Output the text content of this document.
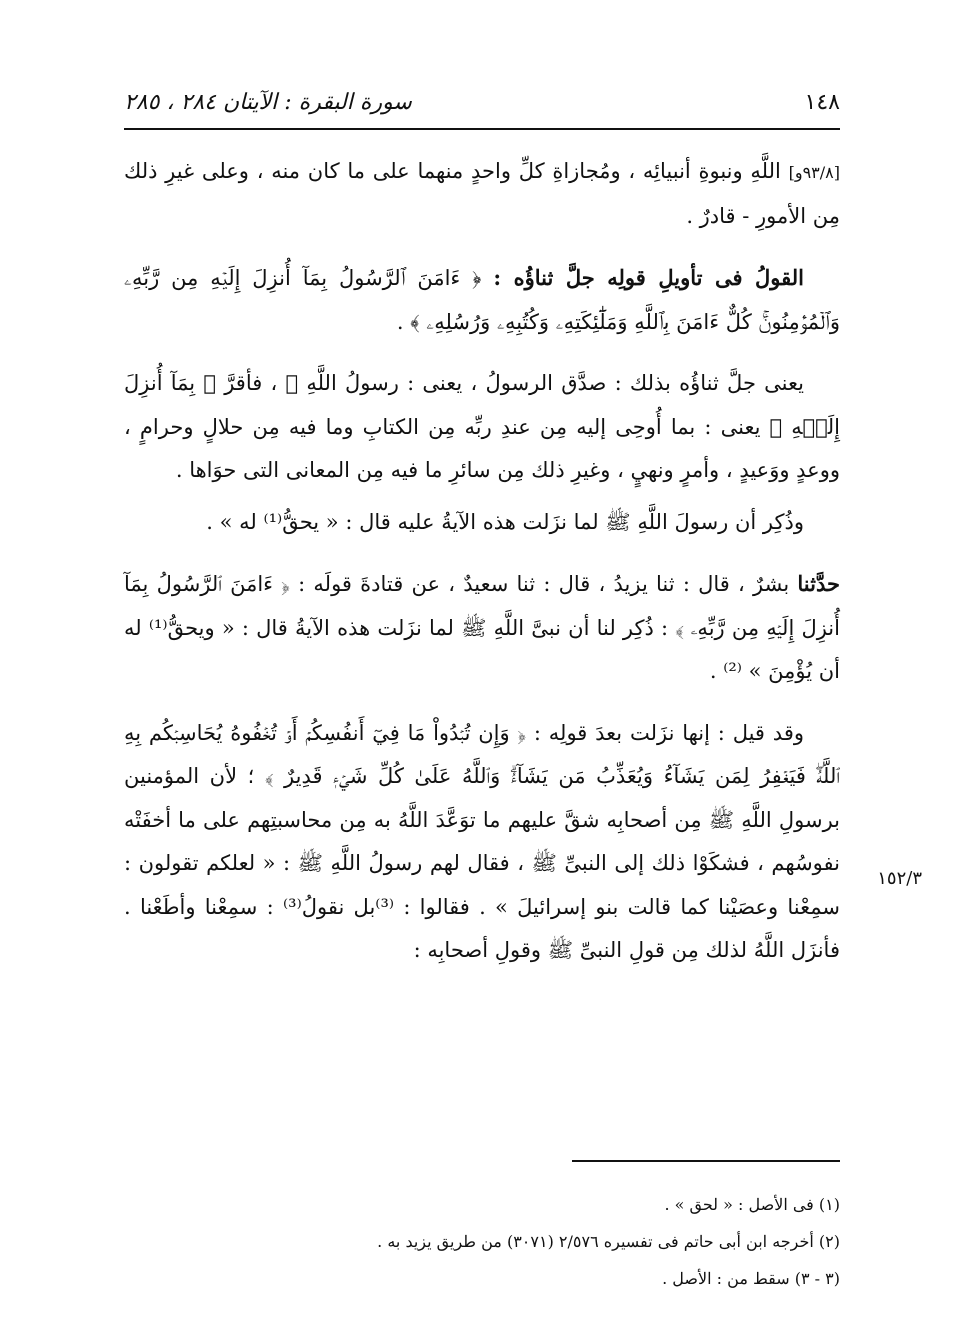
١٤٨
سورة البقرة : الآيتان ٢٨٤ ، ٢٨٥

[٩٣/٨و] اللَّهِ ونبوةِ أنبيائِه ، ومُجازاةِ كلِّ واحدٍ منهما على ما كان منه ، وعلى غيرِ ذلك مِن الأمورِ - قادرٌ .

القولُ فى تأويلِ قولِه جلَّ ثناؤُه : ﴿ ءَامَنَ ٱلرَّسُولُ بِمَآ أُنزِلَ إِلَيۡهِ مِن رَّبِّهِۦ وَٱلۡمُؤۡمِنُونَۚ كُلٌّ ءَامَنَ بِٱللَّهِ وَمَلَٰٓئِكَتِهِۦ وَكُتُبِهِۦ وَرُسُلِهِۦ ﴾ .

يعنى جلَّ ثناؤُه بذلك : صدَّق الرسولُ ، يعنى : رسولُ اللَّهِ ﷺ ، فأقرَّ ﴿ بِمَآ أُنزِلَ إِلَيۡهِ ﴾ يعنى : بما أُوحِى إليه مِن عندِ ربِّه مِن الكتابِ وما فيه مِن حلالٍ وحرامٍ ، ووعدٍ ووَعيدٍ ، وأمرٍ ونهيٍ ، وغيرِ ذلك مِن سائرِ ما فيه مِن المعانى التى حوَاها .

وذُكِر أن رسولَ اللَّهِ ﷺ لما نزَلت هذه الآيةُ عليه قال : « يحقُّ⁽¹⁾ له » .

حدَّثنا بشرٌ ، قال : ثنا يزيدُ ، قال : ثنا سعيدٌ ، عن قتادةَ قولَه : ﴿ ءَامَنَ ٱلرَّسُولُ بِمَآ أُنزِلَ إِلَيۡهِ مِن رَّبِّهِۦ ﴾ : ذُكِر لنا أن نبىَّ اللَّهِ ﷺ لما نزَلت هذه الآيةُ قال : « ويحقُّ⁽¹⁾ له أن يُؤْمِنَ » ⁽²⁾ .

وقد قيل : إنها نزَلت بعدَ قولِه : ﴿ وَإِن تُبۡدُواْ مَا فِيٓ أَنفُسِكُمۡ أَوۡ تُخۡفُوهُ يُحَاسِبۡكُم بِهِ ٱللَّهُۖ فَيَغۡفِرُ لِمَن يَشَآءُ وَيُعَذِّبُ مَن يَشَآءُۗ وَٱللَّهُ عَلَىٰ كُلِّ شَيۡءٖ قَدِيرٌ ﴾ ؛ لأن المؤمنين برسولِ اللَّهِ ﷺ مِن أصحابِه شقَّ عليهم ما توَعَّدَ اللَّهُ به مِن محاسبتِهم على ما أخفَتْه نفوسُهم ، فشكَوْا ذلك إلى النبىِّ ﷺ ، فقال لهم رسولُ اللَّهِ ﷺ : « لعلكم تقولون : سمِعْنا وعصَيْنا كما قالت بنو إسرائيلَ » . فقالوا : ⁽³⁾بل نقولُ⁽³⁾ : سمِعْنا وأطَعْنا . فأنزَل اللَّهُ لذلك مِن قولِ النبىِّ ﷺ وقولِ أصحابِه :

١٥٢/٣
(١) فى الأصل : « لحق » .
(٢) أخرجه ابن أبى حاتم فى تفسيره ٢/٥٧٦ (٣٠٧١) من طريق يزيد به .
(٣ - ٣) سقط من : الأصل .
